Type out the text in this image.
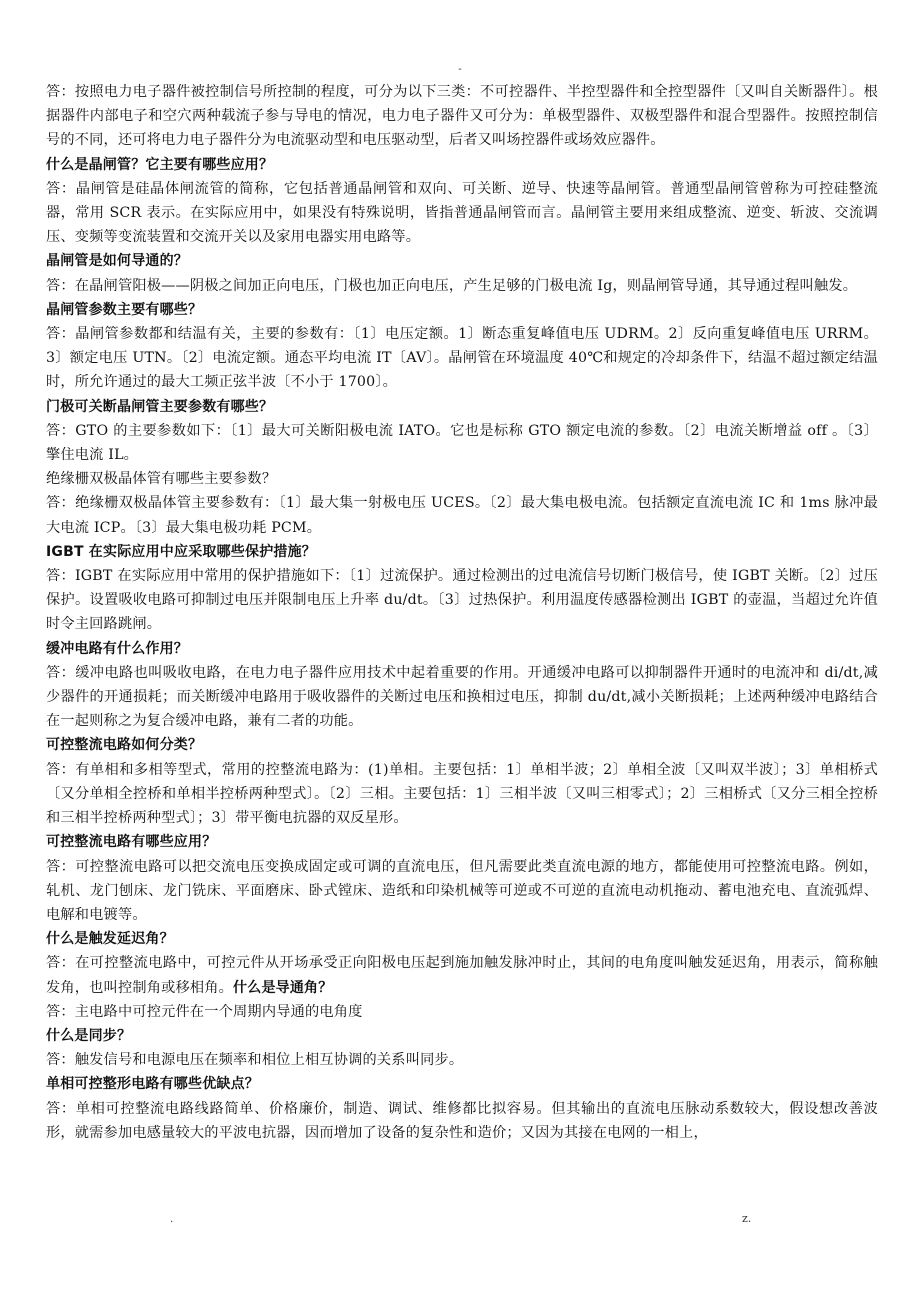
-

答：按照电力电子器件被控制信号所控制的程度，可分为以下三类：不可控器件、半控型器件和全控型器件〔又叫自关断器件〕。根据器件内部电子和空穴两种载流子参与导电的情况，电力电子器件又可分为：单极型器件、双极型器件和混合型器件。按照控制信号的不同，还可将电力电子器件分为电流驱动型和电压驱动型，后者又叫场控器件或场效应器件。

什么是晶闸管？它主要有哪些应用？

答：晶闸管是硅晶体闸流管的简称，它包括普通晶闸管和双向、可关断、逆导、快速等晶闸管。普通型晶闸管曾称为可控硅整流器，常用 SCR 表示。在实际应用中，如果没有特殊说明，皆指普通晶闸管而言。晶闸管主要用来组成整流、逆变、斩波、交流调压、变频等变流装置和交流开关以及家用电器实用电路等。

晶闸管是如何导通的？

答：在晶闸管阳极——阴极之间加正向电压，门极也加正向电压，产生足够的门极电流 Ig，则晶闸管导通，其导通过程叫触发。

晶闸管参数主要有哪些？

答：晶闸管参数都和结温有关，主要的参数有：〔1〕电压定额。1〕断态重复峰值电压 UDRM。2〕反向重复峰值电压 URRM。3〕额定电压 UTN。〔2〕电流定额。通态平均电流 IT〔AV〕。晶闸管在环境温度 40℃和规定的冷却条件下，结温不超过额定结温时，所允许通过的最大工频正弦半波〔不小于 1700〕。

门极可关断晶闸管主要参数有哪些？

答：GTO 的主要参数如下：〔1〕最大可关断阳极电流 IATO。它也是标称 GTO 额定电流的参数。〔2〕电流关断增益 off 。〔3〕擎住电流 IL。

绝缘栅双极晶体管有哪些主要参数？

答：绝缘栅双极晶体管主要参数有：〔1〕最大集一射极电压 UCES。〔2〕最大集电极电流。包括额定直流电流 IC 和 1ms 脉冲最大电流 ICP。〔3〕最大集电极功耗 PCM。

IGBT 在实际应用中应采取哪些保护措施？

答：IGBT 在实际应用中常用的保护措施如下：〔1〕过流保护。通过检测出的过电流信号切断门极信号，使 IGBT 关断。〔2〕过压保护。设置吸收电路可抑制过电压并限制电压上升率 du/dt。〔3〕过热保护。利用温度传感器检测出 IGBT 的壶温，当超过允许值时令主回路跳闸。

缓冲电路有什么作用？

答：缓冲电路也叫吸收电路，在电力电子器件应用技术中起着重要的作用。开通缓冲电路可以抑制器件开通时的电流冲和 di/dt,减少器件的开通损耗；而关断缓冲电路用于吸收器件的关断过电压和换相过电压，抑制 du/dt,减小关断损耗；上述两种缓冲电路结合在一起则称之为复合缓冲电路，兼有二者的功能。

可控整流电路如何分类？

答：有单相和多相等型式，常用的控整流电路为：(1)单相。主要包括：1〕单相半波；2〕单相全波〔又叫双半波〕；3〕单相桥式〔又分单相全控桥和单相半控桥两种型式〕。〔2〕三相。主要包括：1〕三相半波〔又叫三相零式〕；2〕三相桥式〔又分三相全控桥和三相半控桥两种型式〕；3〕带平衡电抗器的双反星形。

可控整流电路有哪些应用？

答：可控整流电路可以把交流电压变换成固定或可调的直流电压，但凡需要此类直流电源的地方，都能使用可控整流电路。例如，轧机、龙门刨床、龙门铣床、平面磨床、卧式镗床、造纸和印染机械等可逆或不可逆的直流电动机拖动、蓄电池充电、直流弧焊、电解和电镀等。

什么是触发延迟角？

答：在可控整流电路中，可控元件从开场承受正向阳极电压起到施加触发脉冲时止，其间的电角度叫触发延迟角，用表示，简称触发角，也叫控制角或移相角。什么是导通角？

答：主电路中可控元件在一个周期内导通的电角度

什么是同步？

答：触发信号和电源电压在频率和相位上相互协调的关系叫同步。

单相可控整形电路有哪些优缺点？

答：单相可控整流电路线路简单、价格廉价，制造、调试、维修都比拟容易。但其输出的直流电压脉动系数较大，假设想改善波形，就需参加电感量较大的平波电抗器，因而增加了设备的复杂性和造价；又因为其接在电网的一相上，

.	z.
